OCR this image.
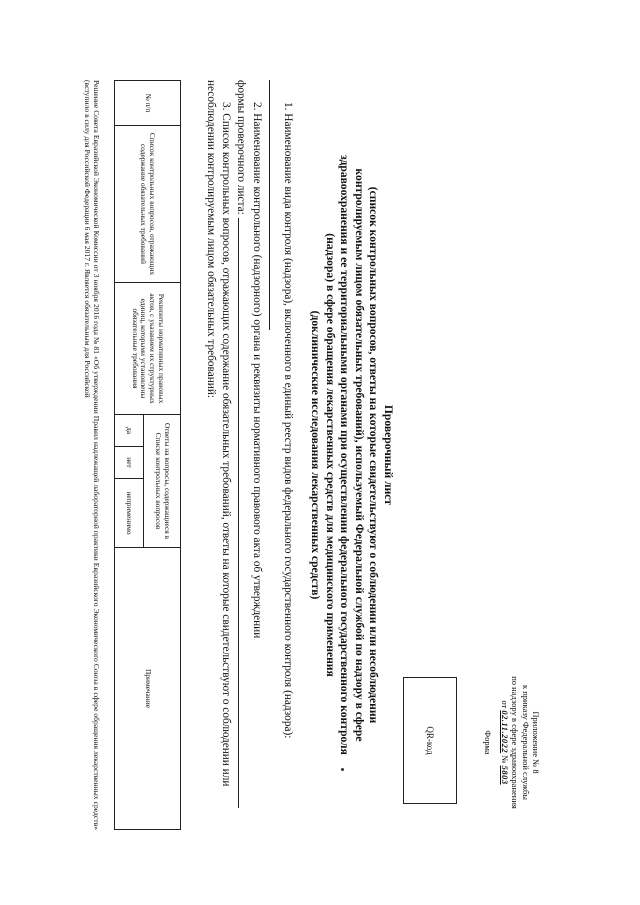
Приложение № 8
к приказу Федеральной службы
по надзору в сфере здравоохранения
от 02.11.2022 № 5803
Форма
QR-код
Проверочный лист
(список контрольных вопросов, ответы на которые свидетельствуют о соблюдении или несоблюдении
контролируемым лицом обязательных требований), используемый Федеральной службой по надзору в сфере
здравоохранения и ее территориальными органами при осуществлении федерального государственного контроля
(надзора) в сфере обращения лекарственных средств для медицинского применения
(доклинические исследования лекарственных средств)
1. Наименование вида контроля (надзора), включенного в единый реестр видов федерального государственного контроля (надзора):
2. Наименование контрольного (надзорного) органа и реквизиты нормативного правового акта об утверждении
формы проверочного листа:
3. Список контрольных вопросов, отражающих содержание обязательных требований, ответы на которые свидетельствуют о соблюдении или несоблюдении контролируемым лицом обязательных требований:
№ п/п	Список контрольных вопросов, отражающих содержание обязательных требований	Реквизиты нормативных правовых актов, с указанием их структурных единиц, которыми установлены обязательные требования	Ответы на вопросы, содержащиеся в Списке контрольных вопросов			Примечание
			да	нет	неприменимо	
Решение Совета Евразийской Экономической Комиссии от 3 ноября 2016 года № 81 «Об утверждении Правил надлежащей лабораторной практики Евразийского Экономического Союза в сфере обращения лекарственных средств» (вступило в силу для Российской Федерации 6 мая 2017 г. Является обязательным для Российской
